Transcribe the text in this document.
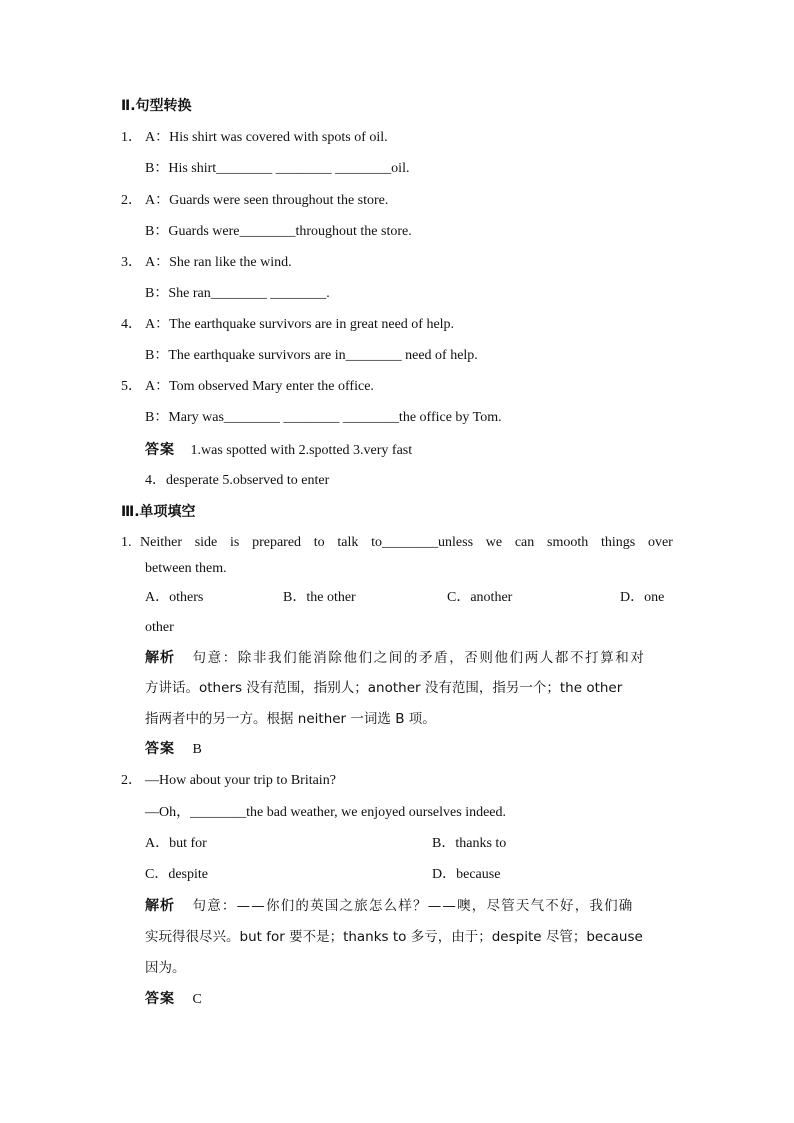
Ⅱ.句型转换
1． A：His shirt was covered with spots of oil.
B：His shirt________ ________ ________oil.
2． A：Guards were seen throughout the store.
B：Guards were________throughout the store.
3． A：She ran like the wind.
B：She ran________ ________.
4． A：The earthquake survivors are in great need of help.
B：The earthquake survivors are in________ need of help.
5． A：Tom observed Mary enter the office.
B：Mary was________ ________ ________the office by Tom.
答案 1.was spotted with 2.spotted 3.very fast
4．desperate 5.observed to enter
Ⅲ.单项填空
1. Neither side is prepared to talk to________unless we can smooth things over
between them.
A．others	B．the other	C．another	D．one
other
解析 句意：除非我们能消除他们之间的矛盾，否则他们两人都不打算和对
方讲话。others 没有范围，指别人；another 没有范围，指另一个；the other
指两者中的另一方。根据 neither 一词选 B 项。
答案 B
2． —How about your trip to Britain?
—Oh，________the bad weather, we enjoyed ourselves indeed.
A．but for	B．thanks to
C．despite	D．because
解析 句意：——你们的英国之旅怎么样？——噢，尽管天气不好，我们确
实玩得很尽兴。but for 要不是；thanks to 多亏，由于；despite 尽管；because
因为。
答案 C
